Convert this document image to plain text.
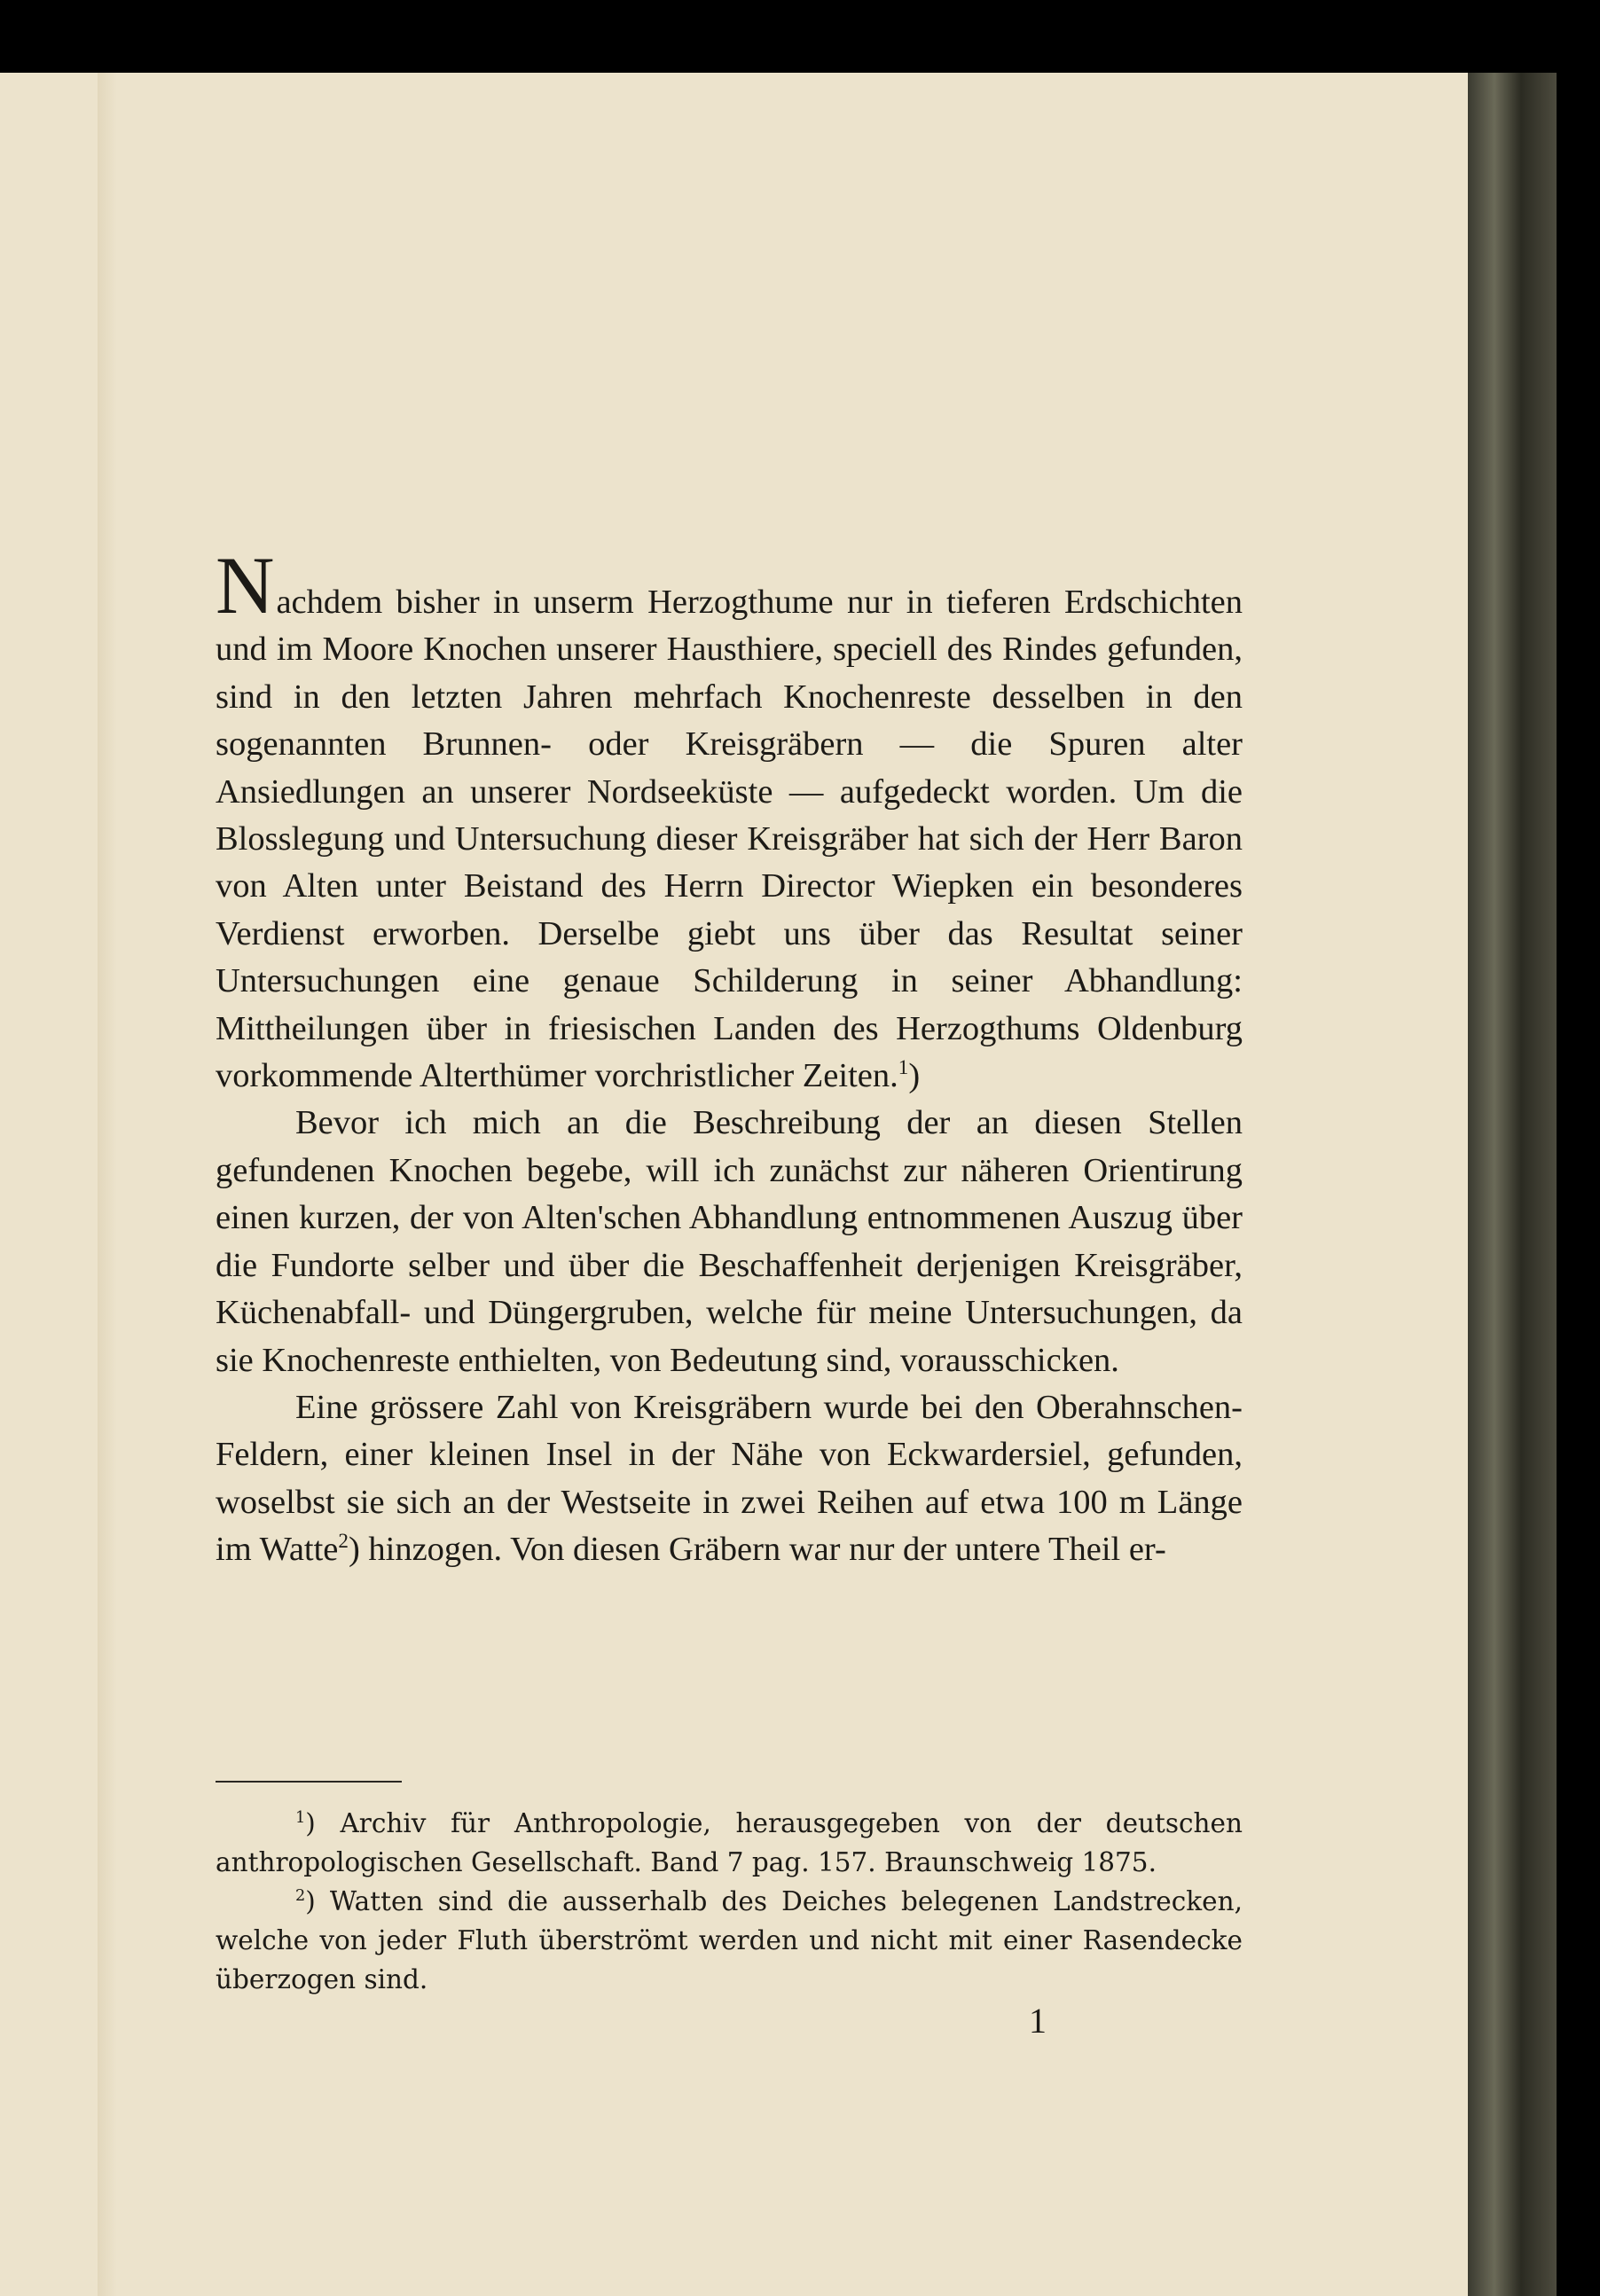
Nachdem bisher in unserm Herzogthume nur in tieferen Erdschichten und im Moore Knochen unserer Hausthiere, speciell des Rindes gefunden, sind in den letzten Jahren mehrfach Knochenreste desselben in den sogenannten Brunnen- oder Kreisgräbern — die Spuren alter Ansiedlungen an unserer Nordseeküste — aufgedeckt worden. Um die Blosslegung und Untersuchung dieser Kreisgräber hat sich der Herr Baron von Alten unter Beistand des Herrn Director Wiepken ein besonderes Verdienst erworben. Derselbe giebt uns über das Resultat seiner Untersuchungen eine genaue Schilderung in seiner Abhandlung: Mittheilungen über in friesischen Landen des Herzogthums Oldenburg vorkommende Alterthümer vorchristlicher Zeiten.$^1$)

Bevor ich mich an die Beschreibung der an diesen Stellen gefundenen Knochen begebe, will ich zunächst zur näheren Orientirung einen kurzen, der von Alten'schen Abhandlung entnommenen Auszug über die Fundorte selber und über die Beschaffenheit derjenigen Kreisgräber, Küchenabfall- und Düngergruben, welche für meine Untersuchungen, da sie Knochenreste enthielten, von Bedeutung sind, vorausschicken.

Eine grössere Zahl von Kreisgräbern wurde bei den Oberahnschen-Feldern, einer kleinen Insel in der Nähe von Eckwardersiel, gefunden, woselbst sie sich an der Westseite in zwei Reihen auf etwa 100 m Länge im Watte$^2$) hinzogen. Von diesen Gräbern war nur der untere Theil er-

$^1$) Archiv für Anthropologie, herausgegeben von der deutschen anthropologischen Gesellschaft. Band 7 pag. 157. Braunschweig 1875.

$^2$) Watten sind die ausserhalb des Deiches belegenen Landstrecken, welche von jeder Fluth überströmt werden und nicht mit einer Rasendecke überzogen sind.

1
